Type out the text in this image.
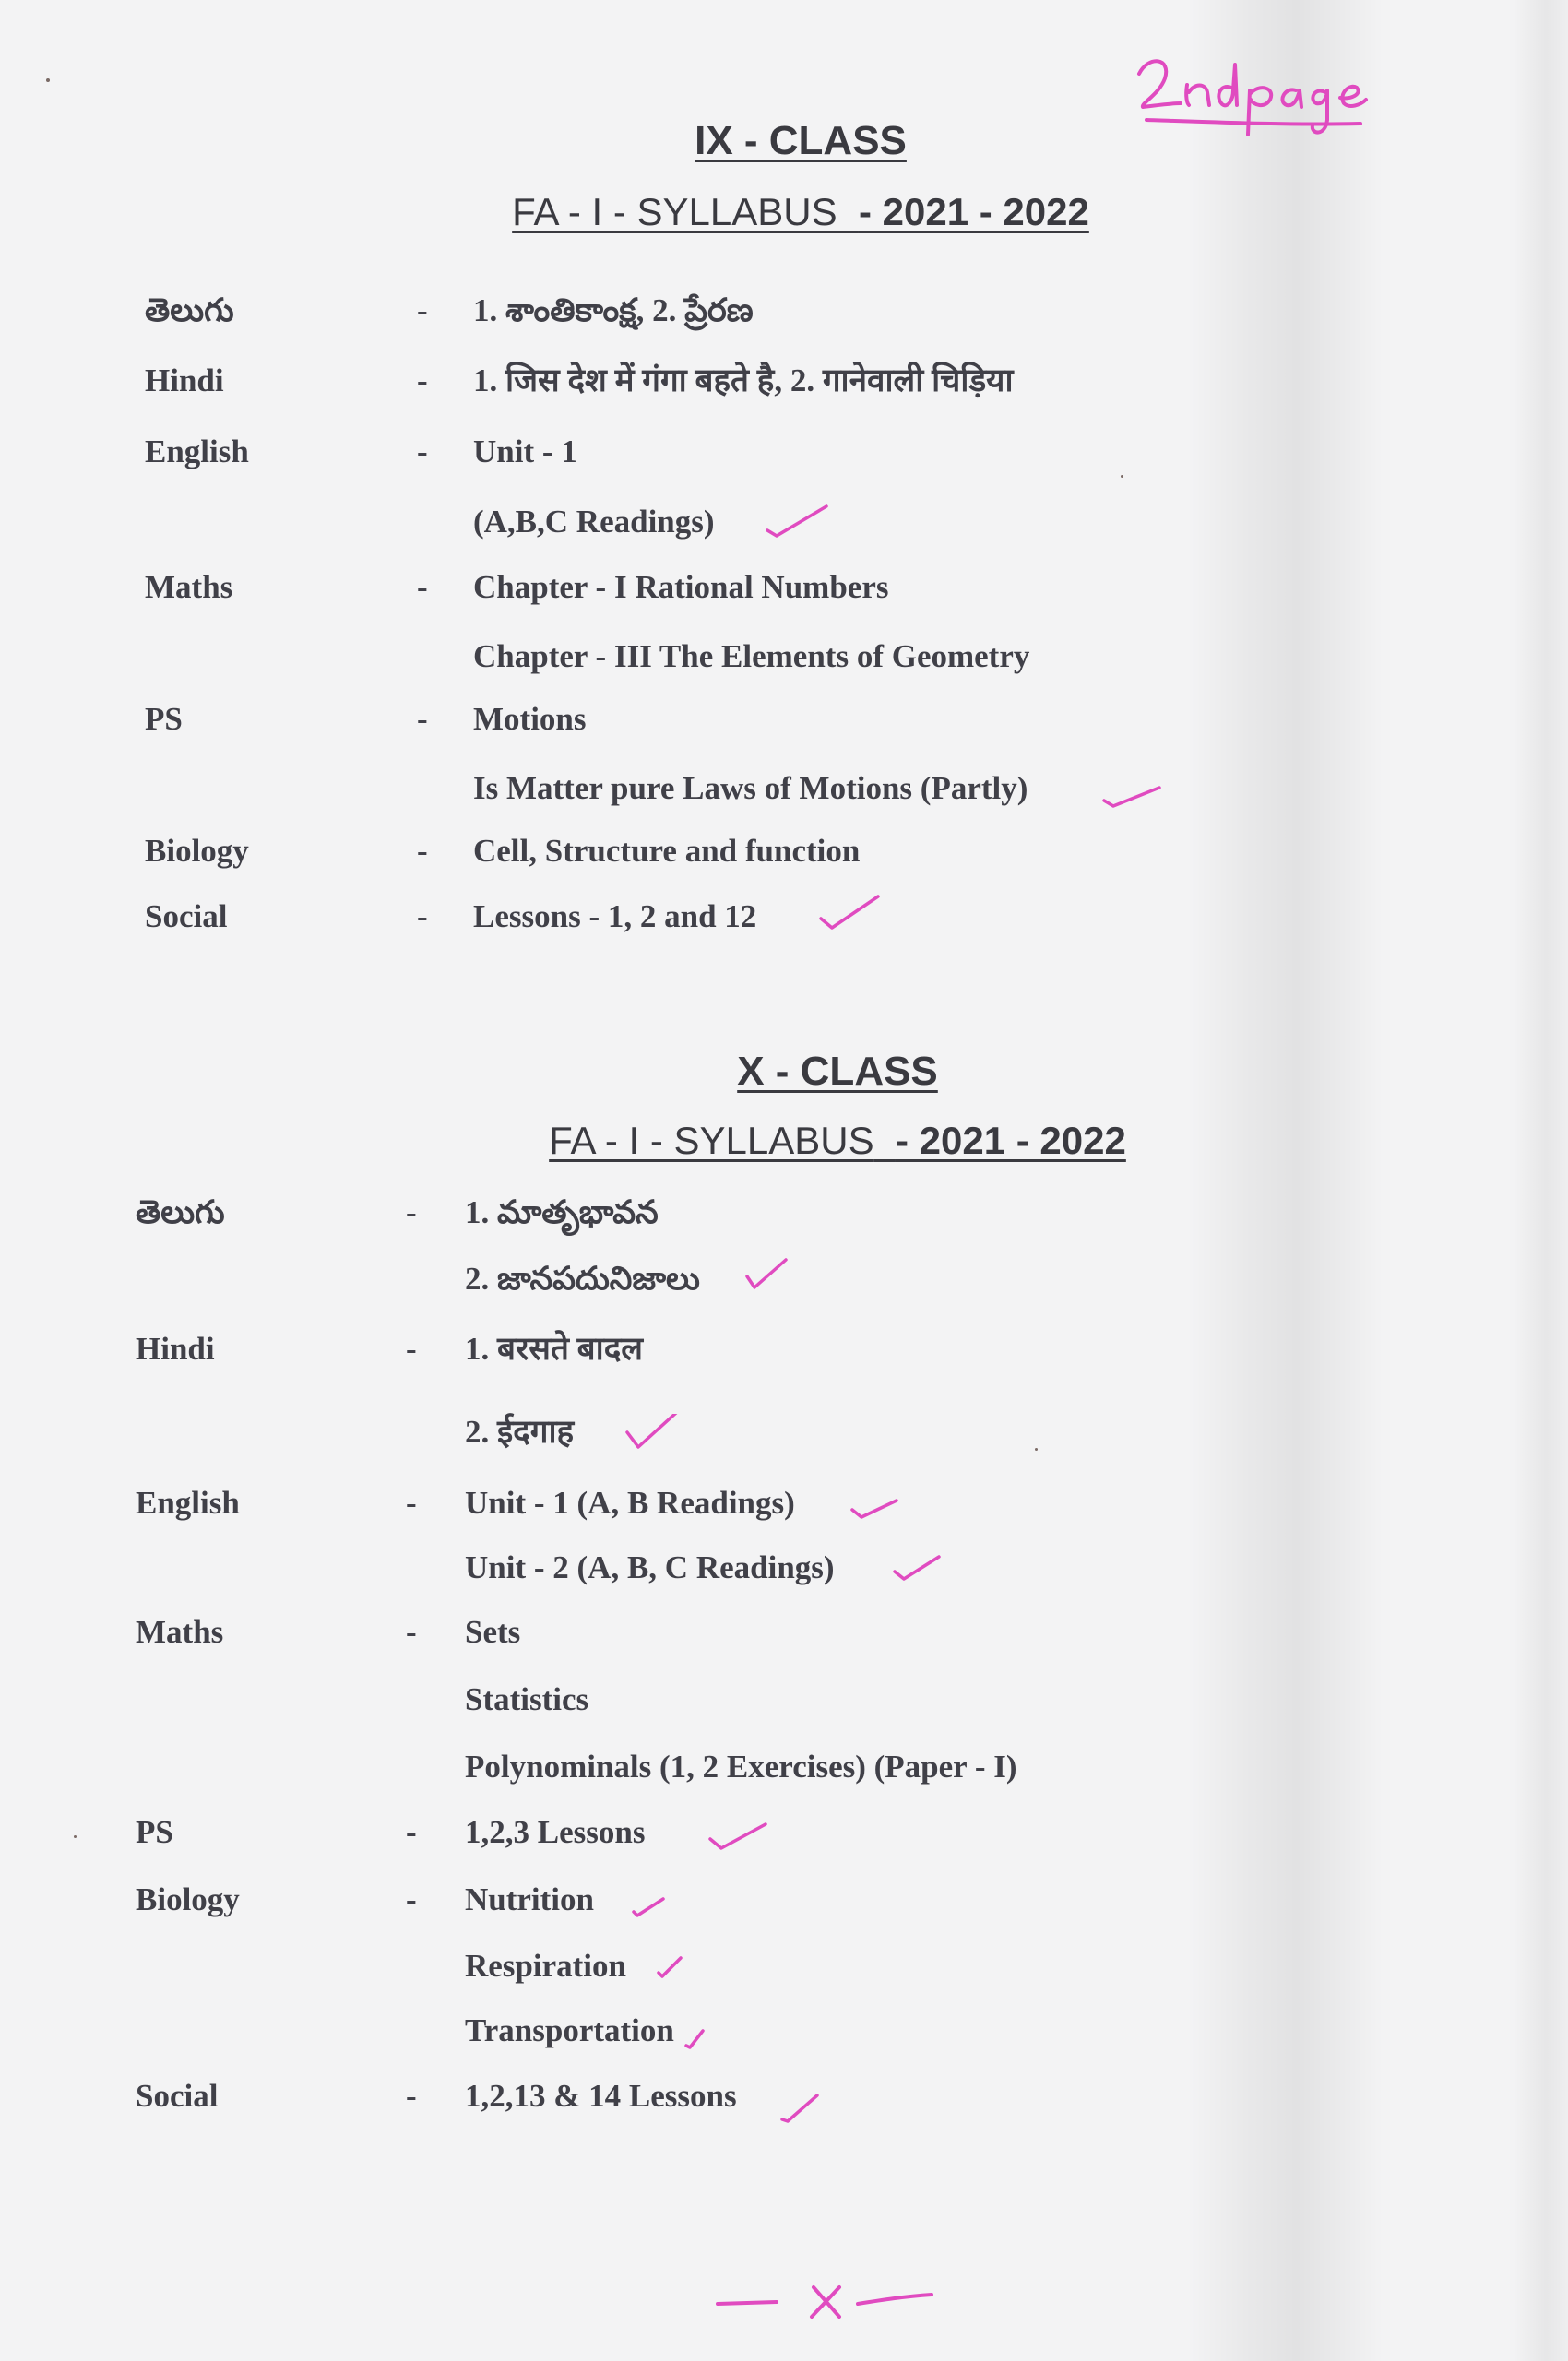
IX - CLASS
FA - I - SYLLABUS - 2021 - 2022
తెలుగు	- 1. శాంతికాంక్ష, 2. ప్రేరణ
Hindi	- 1. जिस देश में गंगा बहते है, 2. गानेवाली चिड़िया
English	- Unit - 1
(A,B,C Readings)
Maths	- Chapter - I Rational Numbers
Chapter - III The Elements of Geometry
PS	- Motions
Is Matter pure Laws of Motions (Partly)
Biology	- Cell, Structure and function
Social	- Lessons - 1, 2 and 12
X - CLASS
FA - I - SYLLABUS - 2021 - 2022
తెలుగు	- 1. మాతృభావన
2. జానపదునిజాలు
Hindi	- 1. बरसते बादल
2. ईदगाह
English	- Unit - 1 (A, B Readings)
Unit - 2 (A, B, C Readings)
Maths	- Sets
Statistics
Polynominals (1, 2 Exercises) (Paper - I)
PS	- 1,2,3 Lessons
Biology	- Nutrition
Respiration
Transportation
Social	- 1,2,13 & 14 Lessons
